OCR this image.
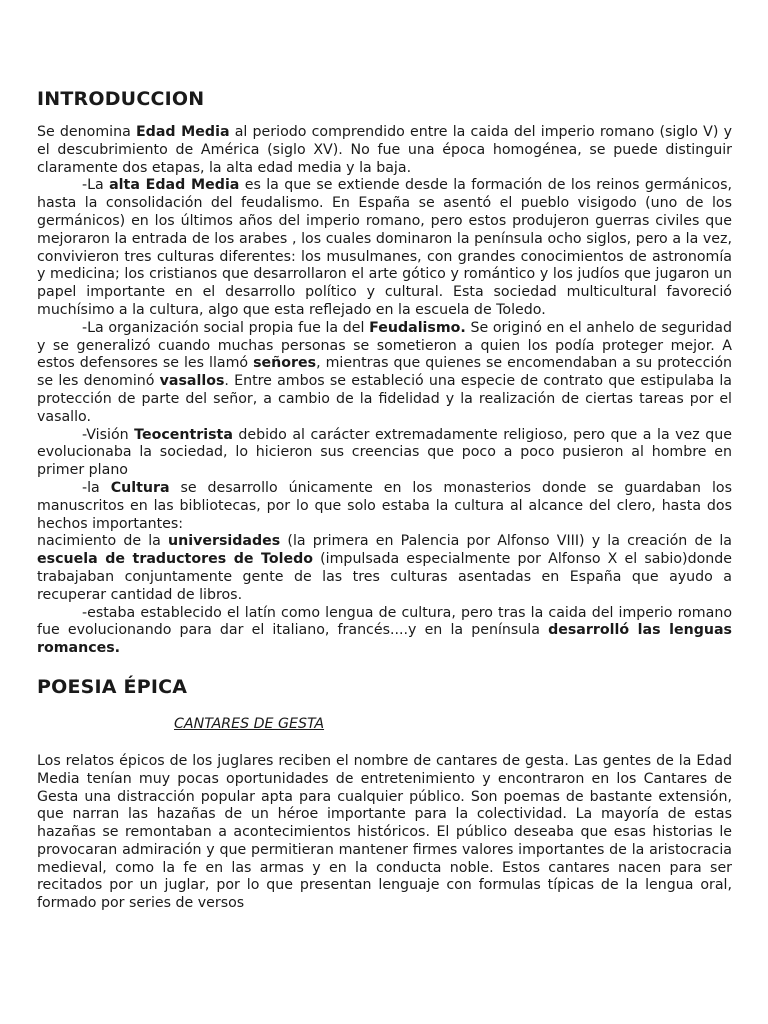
INTRODUCCION

Se denomina Edad Media al periodo comprendido entre la caida del imperio romano (siglo V) y el descubrimiento de América (siglo XV). No fue una época homogénea, se puede distinguir claramente dos etapas, la alta edad media y la baja.

-La alta Edad Media es la que se extiende desde la formación de los reinos germánicos, hasta la consolidación del feudalismo. En España se asentó el pueblo visigodo (uno de los germánicos) en los últimos años del imperio romano, pero estos produjeron guerras civiles que mejoraron la entrada de los arabes , los cuales dominaron la península ocho siglos, pero a la vez, convivieron tres culturas diferentes: los musulmanes, con grandes conocimientos de astronomía y medicina; los cristianos que desarrollaron el arte gótico y romántico y los judíos que jugaron un papel importante en el desarrollo político y cultural. Esta sociedad multicultural favoreció muchísimo a la cultura, algo que esta reflejado en la escuela de Toledo.

-La organización social propia fue la del Feudalismo. Se originó en el anhelo de seguridad y se generalizó cuando muchas personas se sometieron a quien los podía proteger mejor. A estos defensores se les llamó señores, mientras que quienes se encomendaban a su protección se les denominó vasallos. Entre ambos se estableció una especie de contrato que estipulaba la protección de parte del señor, a cambio de la fidelidad y la realización de ciertas tareas por el vasallo.

-Visión Teocentrista debido al carácter extremadamente religioso, pero que a la vez que evolucionaba la sociedad, lo hicieron sus creencias que poco a poco pusieron al hombre en primer plano

-la Cultura se desarrollo únicamente en los monasterios donde se guardaban los manuscritos en las bibliotecas, por lo que solo estaba la cultura al alcance del clero, hasta dos hechos importantes:

nacimiento de la universidades (la primera en Palencia por Alfonso VIII) y la creación de la escuela de traductores de Toledo (impulsada especialmente por Alfonso X el sabio)donde trabajaban conjuntamente gente de las tres culturas asentadas en España que ayudo a recuperar cantidad de libros.

-estaba establecido el latín como lengua de cultura, pero tras la caida del imperio romano fue evolucionando para dar el italiano, francés....y en la península desarrolló las lenguas romances.

POESIA ÉPICA
CANTARES DE GESTA

Los relatos épicos de los juglares reciben el nombre de cantares de gesta. Las gentes de la Edad Media tenían muy pocas oportunidades de entretenimiento y encontraron en los Cantares de Gesta una distracción popular apta para cualquier público. Son poemas de bastante extensión, que narran las hazañas de un héroe importante para la colectividad. La mayoría de estas hazañas se remontaban a acontecimientos históricos. El público deseaba que esas historias le provocaran admiración y que permitieran mantener firmes valores importantes de la aristocracia medieval, como la fe en las armas y en la conducta noble. Estos cantares nacen para ser recitados por un juglar, por lo que presentan lenguaje con formulas típicas de la lengua oral, formado por series de versos
